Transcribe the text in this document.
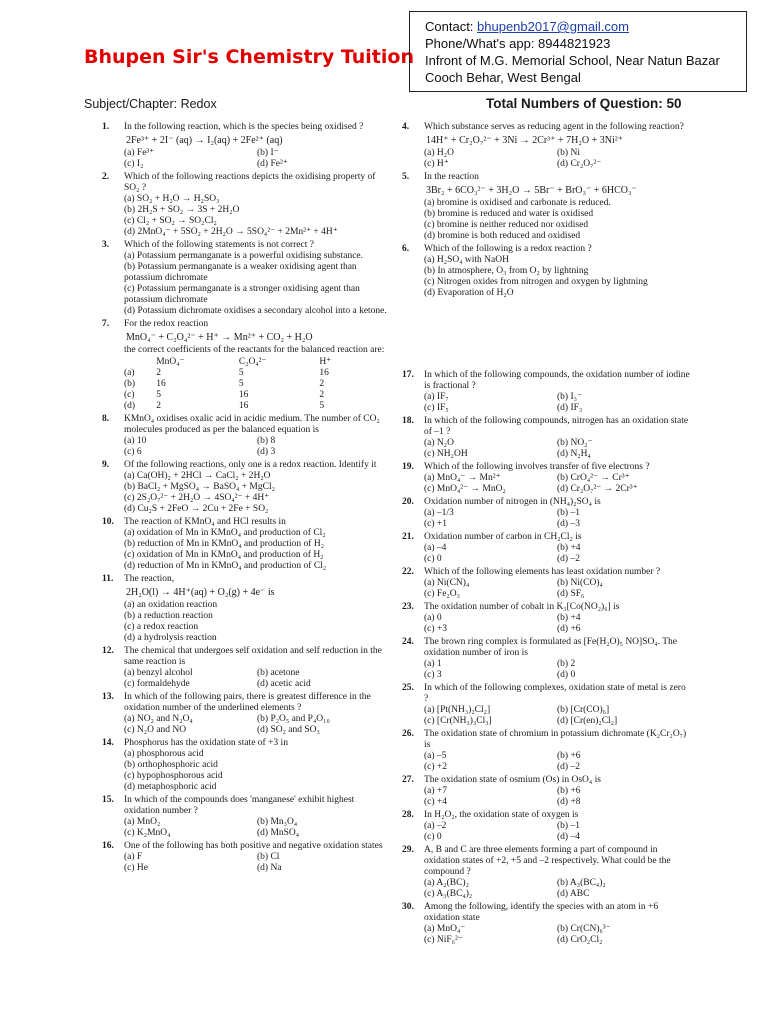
Bhupen Sir's Chemistry Tuition
Contact: bhupenb2017@gmail.com
Phone/What's app: 8944821923
Infront of M.G. Memorial School, Near Natun Bazar
Cooch Behar, West Bengal
Subject/Chapter: Redox	Total Numbers of Question: 50
1. In the following reaction, which is the species being oxidised ?
2Fe³⁺ + 2I⁻ (aq) → I₂(aq) + 2Fe²⁺ (aq)
(a) Fe³⁺	(b) I⁻
(c) I₂	(d) Fe²⁺
2. Which of the following reactions depicts the oxidising property of SO₂ ?
(a) SO₂ + H₂O → H₂SO₃
(b) 2H₂S + SO₂ → 3S + 2H₂O
(c) Cl₂ + SO₂ → SO₂Cl₂
(d) 2MnO₄⁻ + 5SO₂ + 2H₂O → 5SO₄²⁻ + 2Mn²⁺ + 4H⁺
3. Which of the following statements is not correct ?
(a) Potassium permanganate is a powerful oxidising substance.
(b) Potassium permanganate is a weaker oxidising agent than potassium dichromate
(c) Potassium permanganate is a stronger oxidising agent than potassium dichromate
(d) Potassium dichromate oxidises a secondary alcohol into a ketone.
7. For the redox reaction
MnO₄⁻ + C₂O₄²⁻ + H⁺ → Mn²⁺ + CO₂ + H₂O
the correct coefficients of the reactants for the balanced reaction are:
	MnO₄⁻	C₂O₄²⁻	H⁺
(a)	2	5	16
(b)	16	5	2
(c)	5	16	2
(d)	2	16	5
8. KMnO₄ oxidises oxalic acid in acidic medium. The number of CO₂ molecules produced as per the balanced equation is
(a) 10	(b) 8
(c) 6	(d) 3
9. Of the following reactions, only one is a redox reaction. Identify it
(a) Ca(OH)₂ + 2HCl → CaCl₂ + 2H₂O
(b) BaCl₂ + MgSO₄ → BaSO₄ + MgCl₂
(c) 2S₂O₇²⁻ + 2H₂O → 4SO₄²⁻ + 4H⁺
(d) Cu₂S + 2FeO → 2Cu + 2Fe + SO₂
10. The reaction of KMnO₄ and HCl results in
(a) oxidation of Mn in KMnO₄ and production of Cl₂
(b) reduction of Mn in KMnO₄ and production of H₂
(c) oxidation of Mn in KMnO₄ and production of H₂
(d) reduction of Mn in KMnO₄ and production of Cl₂
11. The reaction,
2H₂O(l) → 4H⁺(aq) + O₂(g) + 4e⁻ is
(a) an oxidation reaction
(b) a reduction reaction
(c) a redox reaction
(d) a hydrolysis reaction
12. The chemical that undergoes self oxidation and self reduction in the same reaction is
(a) benzyl alcohol	(b) acetone
(c) formaldehyde	(d) acetic acid
13. In which of the following pairs, there is greatest difference in the oxidation number of the underlined elements ?
(a) NO₂ and N₂O₄	(b) P₂O₅ and P₄O₁₀
(c) N₂O and NO	(d) SO₂ and SO₃
14. Phosphorus has the oxidation state of +3 in
(a) phosphorous acid
(b) orthophosphoric acid
(c) hypophosphorous acid
(d) metaphosphoric acid
15. In which of the compounds does 'manganese' exhibit highest oxidation number ?
(a) MnO₂	(b) Mn₃O₄
(c) K₂MnO₄	(d) MnSO₄
16. One of the following has both positive and negative oxidation states
(a) F	(b) Cl
(c) He	(d) Na
4. Which substance serves as reducing agent in the following reaction?
14H⁺ + Cr₂O₇²⁻ + 3Ni → 2Cr³⁺ + 7H₂O + 3Ni²⁺
(a) H₂O	(b) Ni
(c) H⁺	(d) Cr₂O₇²⁻
5. In the reaction
3Br₂ + 6CO₃²⁻ + 3H₂O → 5Br⁻ + BrO₃⁻ + 6HCO₃⁻
(a) bromine is oxidised and carbonate is reduced.
(b) bromine is reduced and water is oxidised
(c) bromine is neither reduced nor oxidised
(d) bromine is both reduced and oxidised
6. Which of the following is a redox reaction ?
(a) H₂SO₄ with NaOH
(b) In atmosphere, O₃ from O₂ by lightning
(c) Nitrogen oxides from nitrogen and oxygen by lightning
(d) Evaporation of H₂O
17. In which of the following compounds, the oxidation number of iodine is fractional ?
(a) IF₇	(b) I₃⁻
(c) IF₅	(d) IF₃
18. In which of the following compounds, nitrogen has an oxidation state of –1 ?
(a) N₂O	(b) NO₂⁻
(c) NH₂OH	(d) N₂H₄
19. Which of the following involves transfer of five electrons ?
(a) MnO₄⁻ → Mn²⁺	(b) CrO₄²⁻ → Cr³⁺
(c) MnO₄²⁻ → MnO₂	(d) Cr₂O₇²⁻ → 2Cr³⁺
20. Oxidation number of nitrogen in (NH₄)₂SO₄ is
(a) –1/3	(b) –1
(c) +1	(d) –3
21. Oxidation number of carbon in CH₂Cl₂ is
(a) –4	(b) +4
(c) 0	(d) –2
22. Which of the following elements has least oxidation number ?
(a) Ni(CN)₄	(b) Ni(CO)₄
(c) Fe₂O₃	(d) SF₆
23. The oxidation number of cobalt in K₃[Co(NO₂)₆] is
(a) 0	(b) +4
(c) +3	(d) +6
24. The brown ring complex is formulated as [Fe(H₂O)₅ NO]SO₄. The oxidation number of iron is
(a) 1	(b) 2
(c) 3	(d) 0
25. In which of the following complexes, oxidation state of metal is zero ?
(a) [Pt(NH₃)₂Cl₂]	(b) [Cr(CO)₆]
(c) [Cr(NH₃)₃Cl₃]	(d) [Cr(en)₂Cl₂]
26. The oxidation state of chromium in potassium dichromate (K₂Cr₂O₇) is
(a) –5	(b) +6
(c) +2	(d) –2
27. The oxidation state of osmium (Os) in OsO₄ is
(a) +7	(b) +6
(c) +4	(d) +8
28. In H₂O₂, the oxidation state of oxygen is
(a) –2	(b) –1
(c) 0	(d) –4
29. A, B and C are three elements forming a part of compound in oxidation states of +2, +5 and –2 respectively. What could be the compound ?
(a) A₂(BC)₂	(b) A₃(BC₄)₂
(c) A₃(BC₄)₂	(d) ABC
30. Among the following, identify the species with an atom in +6 oxidation state
(a) MnO₄⁻	(b) Cr(CN)₆³⁻
(c) NiF₆²⁻	(d) CrO₂Cl₂
